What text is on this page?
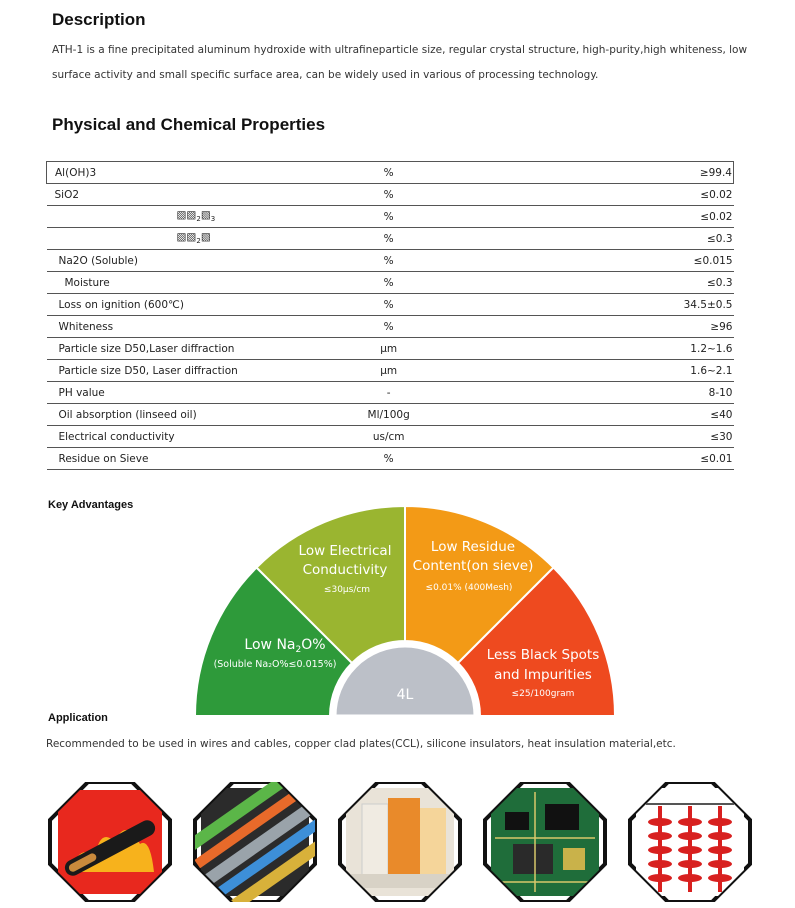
Description
ATH-1 is a fine precipitated aluminum hydroxide with ultrafineparticle size, regular crystal structure, high-purity,high whiteness, low
surface activity and small specific surface area, can be widely used in various of processing technology.
Physical and Chemical Properties
Al(OH)3	%	≥99.4
SiO2	%	≤0.02
$▧▧_2▧_3$	%	≤0.02
$▧▧_2▧$	%	≤0.3
Na2O (Soluble)	%	≤0.015
Moisture	%	≤0.3
Loss on ignition (600℃)	%	34.5±0.5
Whiteness	%	≥96
Particle size D50,Laser diffraction	μm	1.2~1.6
Particle size D50, Laser diffraction	μm	1.6~2.1
PH value	-	8-10
Oil absorption (linseed oil)	Ml/100g	≤40
Electrical conductivity	us/cm	≤30
Residue on Sieve	%	≤0.01
Key Advantages
4L
Low $Na_2O\%$
(Soluble Na₂O%≤0.015%)
Low Electrical
Conductivity
≤30μs/cm
Low Residue
Content(on sieve)
≤0.01% (400Mesh)
Less Black Spots
and Impurities
≤25/100gram
Application
Recommended to be used in wires and cables, copper clad plates(CCL), silicone insulators, heat insulation material,etc.
